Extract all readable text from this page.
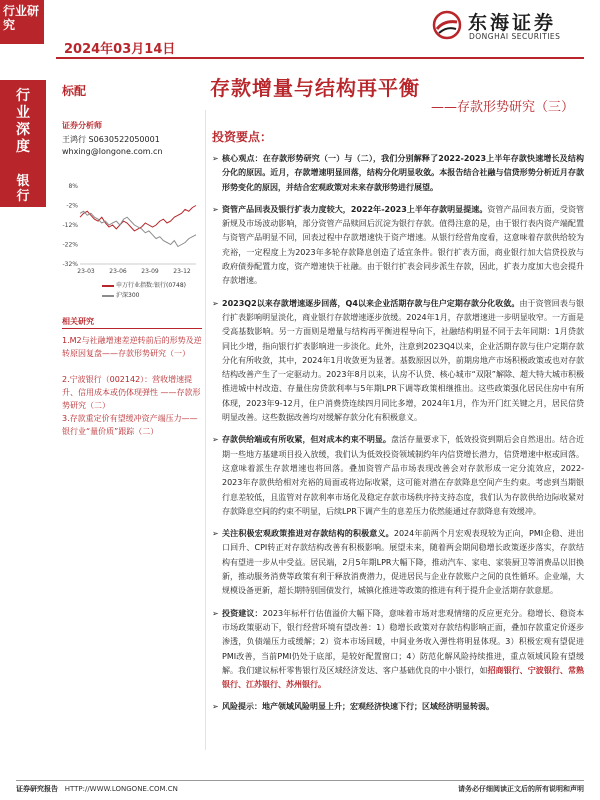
行业研究
2024年03月14日
东海证券
DONGHAI SECURITIES
行
业
深
度
银
行
标配	存款增量与结构再平衡
——存款形势研究（三）
证券分析师
王鸿行 S0630522050001
whxing@longone.com.cn
8%
-2%
-12%
-22%
-32%
23-03 23-06 23-09 23-12
申万行业指数:银行(0748)
沪深300
相关研究
1.M2与社融增速差逆转前后的形势及逆转原因复盘——存款形势研究（一）
2.宁波银行（002142）：营收增速提升、信用成本或仍体现弹性 ——存款形势研究（二）
3.存款重定价有望缓冲资产端压力——银行业“量价质”跟踪（二）
投资要点：
➢ 核心观点：在存款形势研究（一）与（二），我们分别解释了2022-2023上半年存款快速增长及结构分化的原因。近月，存款增速明显回落，结构分化明显收敛。本报告结合社融与信贷形势分析近月存款形势变化的原因，并结合宏观政策对未来存款形势进行展望。
➢ 资管产品回表及银行扩表力度较大，2022年-2023上半年存款明显提速。资管产品回表方面，受资管新规及市场波动影响，部分资管产品赎回后沉淀为银行存款。值得注意的是，由于银行表内资产端配置与资管产品明显不同，回表过程中存款增速快于资产增速。从银行经营角度看，这意味着存款供给较为充裕，一定程度上为2023年多轮存款降息创造了适宜条件。银行扩表方面，商业银行加大信贷投放与政府债券配置力度，资产增速快于社融。由于银行扩表会同步派生存款，因此，扩表力度加大也会提升存款增速。
➢ 2023Q2以来存款增速逐步回落，Q4以来企业活期存款与住户定期存款分化收敛。由于资管回表与银行扩表影响明显淡化，商业银行存款增速逐步放缓。2024年1月，存款增速进一步明显收窄。一方面是受高基数影响。另一方面则是增量与结构再平衡进程导向下，社融结构明显不同于去年同期：1月贷款同比少增，指向银行扩表影响进一步淡化。此外，注意到2023Q4以来，企业活期存款与住户定期存款分化有所收敛，其中，2024年1月收敛更为显著。基数原因以外，前期房地产市场积极政策或也对存款结构改善产生了一定驱动力。2023年8月以来，认房不认贷、核心城市“双限”解除、超大特大城市积极推进城中村改造、存量住房贷款利率与5年期LPR下调等政策相继推出。这些政策强化居民住房中有所体现，2023年9-12月，住户消费贷连续四月同比多增，2024年1月，作为开门红关键之月，居民信贷明显改善。这些数据改善均对缓解存款分化有积极意义。
➢ 存款供给端或有所收紧，但对成本约束不明显。盘活存量要求下，低效投资到期后会自然退出。结合近期一些地方基建项目投入放缓，我们认为低效投资领域制约年内信贷增长潜力，信贷增速中枢或回落。这意味着派生存款增速也将回落。叠加资管产品市场表现改善会对存款形成一定分流效应，2022-2023年存款供给相对充裕的局面或将边际收紧，这可能对潜在存款降息空间产生约束。考虑到当期银行息差较低，且监管对存款利率市场化及稳定存款市场秩序持支持态度，我们认为存款供给边际收紧对存款降息空间的约束不明显，后续LPR下调产生的息差压力依然能通过存款降息有效缓冲。
➢ 关注积极宏观政策推进对存款结构的积极意义。2024年前两个月宏观表现较为正向，PMI企稳、进出口回升、CPI转正对存款结构改善有积极影响。展望未来，随着两会期间稳增长政策逐步落实，存款结构有望进一步从中受益。居民端，2月5年期LPR大幅下降，推动汽车、家电、家装厨卫等消费品以旧换新，推动服务消费等政策有利于释放消费潜力，促进居民与企业存款账户之间的良性循环。企业端，大规模设备更新，超长期特别国债发行，城镇化推进等政策的推进有利于提升企业活期存款意愿。
➢ 投资建议：2023年标杆行估值溢价大幅下降，意味着市场对悲观情绪的反应更充分。稳增长、稳资本市场政策驱动下，银行经营环境有望改善：1）稳增长政策对存款结构影响正面，叠加存款重定价逐步渗透，负债端压力或缓解；2）资本市场回暖，中间业务收入弹性将明显体现。3）积极宏观有望促进PMI改善，当前PMI仍处于底部，是较好配置窗口；4）防范化解风险持续推进，重点领域风险有望缓解。我们建议标杆零售银行及区域经济发达、客户基础优良的中小银行，如招商银行、宁波银行、常熟银行、江苏银行、苏州银行。
➢ 风险提示：地产领域风险明显上升；宏观经济快速下行；区域经济明显转弱。
证券研究报告 HTTP://WWW.LONGONE.COM.CN	请务必仔细阅读正文后的所有说明和声明
